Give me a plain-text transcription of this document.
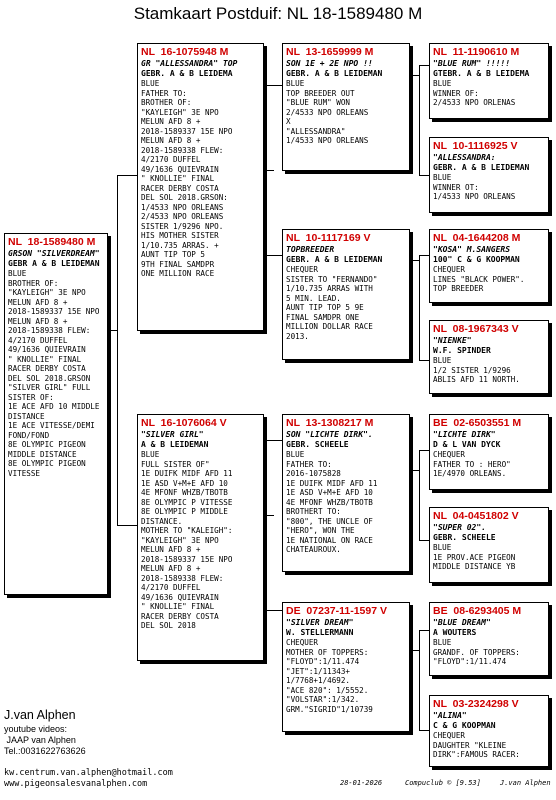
Stamkaart Postduif: NL 18-1589480 M
NL  18-1589480 M
GRSON "SILVERDREAM"
GEBR A & B LEIDEMAN
BLUE
BROTHER OF:
"KAYLEIGH" 3E NPO
MELUN AFD 8 +
2018-1589337 15E NPO
MELUN AFD 8 +
2018-1589338 FLEW:
4/2170 DUFFEL
49/1636 QUIEVRAIN
" KNOLLIE" FINAL
RACER DERBY COSTA
DEL SOL 2018.GRSON
"SILVER GIRL" FULL
SISTER OF:
1E ACE AFD 10 MIDDLE
DISTANCE
1E ACE VITESSE/DEMI
FOND/FOND
8E OLYMPIC PIGEON
MIDDLE DISTANCE
8E OLYMPIC PIGEON
VITESSE
NL  16-1075948 M
GR "ALLESSANDRA" TOP
GEBR. A & B LEIDEMA
BLUE
FATHER TO:
BROTHER OF:
"KAYLEIGH" 3E NPO
MELUN AFD 8 +
2018-1589337 15E NPO
MELUN AFD 8 +
2018-1589338 FLEW:
4/2170 DUFFEL
49/1636 QUIEVRAIN
" KNOLLIE" FINAL
RACER DERBY COSTA
DEL SOL 2018.GRSON:
1/4533 NPO ORLEANS
2/4533 NPO ORLEANS
SISTER 1/9296 NPO.
HIS MOTHER SISTER
1/10.735 ARRAS. +
AUNT TIP TOP 5
9TH FINAL SAMDPR
ONE MILLION RACE
NL  16-1076064 V
"SILVER GIRL"
A & B LEIDEMAN
BLUE
FULL SISTER OF"
1E DUIFK MIDF AFD 11
1E ASD V+M+E AFD 10
4E MFONF WHZB/TBOTB
8E OLYMPIC P VITESSE
8E OLYMPIC P MIDDLE
DISTANCE.
MOTHER TO "KALEIGH":
"KAYLEIGH" 3E NPO
MELUN AFD 8 +
2018-1589337 15E NPO
MELUN AFD 8 +
2018-1589338 FLEW:
4/2170 DUFFEL
49/1636 QUIEVRAIN
" KNOLLIE" FINAL
RACER DERBY COSTA
DEL SOL 2018
NL  13-1659999 M
SON 1E + 2E NPO !!
GEBR. A & B LEIDEMAN
BLUE
TOP BREEDER OUT
"BLUE RUM" WON
2/4533 NPO ORLEANS
X
"ALLESSANDRA"
1/4533 NPO ORLEANS
NL  10-1117169 V
TOPBREEDER
GEBR. A & B LEIDEMAN
CHEQUER
SISTER TO "FERNANDO"
1/10.735 ARRAS WITH
5 MIN. LEAD.
AUNT TIP TOP 5 9E
FINAL SAMDPR ONE
MILLION DOLLAR RACE
2013.
NL  13-1308217 M
SON "LICHTE DIRK".
GEBR. SCHEELE
BLUE
FATHER TO:
2016-1075828
1E DUIFK MIDF AFD 11
1E ASD V+M+E AFD 10
4E MFONF WHZB/TBOTB
BROTHERT TO:
"800", THE UNCLE OF
"HERO", WON THE
1E NATIONAL ON RACE
CHATEAUROUX.
DE  07237-11-1597 V
"SILVER DREAM"
W. STELLERMANN
CHEQUER
MOTHER OF TOPPERS:
"FLOYD":1/11.474
"JET":1/11343+
1/7768+1/4692.
"ACE 820": 1/5552.
"VOLSTAR":1/342.
GRM."SIGRID"1/10739
NL  11-1190610 M
"BLUE RUM" !!!!!
GTEBR. A & B LEIDEMA
BLUE
WINNER OF:
2/4533 NPO ORLENAS
NL  10-1116925 V
"ALLESSANDRA:
GEBR. A & B LEIDEMAN
BLUE
WINNER OT:
1/4533 NPO ORLEANS
NL  04-1644208 M
"KOSA" M.SANGERS
100" C & G KOOPMAN
CHEQUER
LINES "BLACK POWER".
TOP BREEDER
NL  08-1967343 V
"NIENKE"
W.F. SPINDER
BLUE
1/2 SISTER 1/9296
ABLIS AFD 11 NORTH.
BE  02-6503551 M
"LICHTE DIRK"
D & L VAN DYCK
CHEQUER
FATHER TO : HERO"
1E/4970 ORLEANS.
NL  04-0451802 V
"SUPER 02".
GEBR. SCHEELE
BLUE
1E PROV.ACE PIGEON
MIDDLE DISTANCE YB
BE  08-6293405 M
"BLUE DREAM"
A WOUTERS
BLUE
GRANDF. OF TOPPERS:
"FLOYD":1/11.474
NL  03-2324298 V
"ALINA"
C & G KOOPMAN
CHEQUER
DAUGHTER "KLEINE
DIRK":FAMOUS RACER:
J.van Alphen
youtube videos:
JAAP van Alphen
Tel.:0031622763626
kw.centrum.van.alphen@hotmail.com
www.pigeonsalesvanalphen.com	28-01-2026	Compuclub © [9.53]	J.van Alphen
